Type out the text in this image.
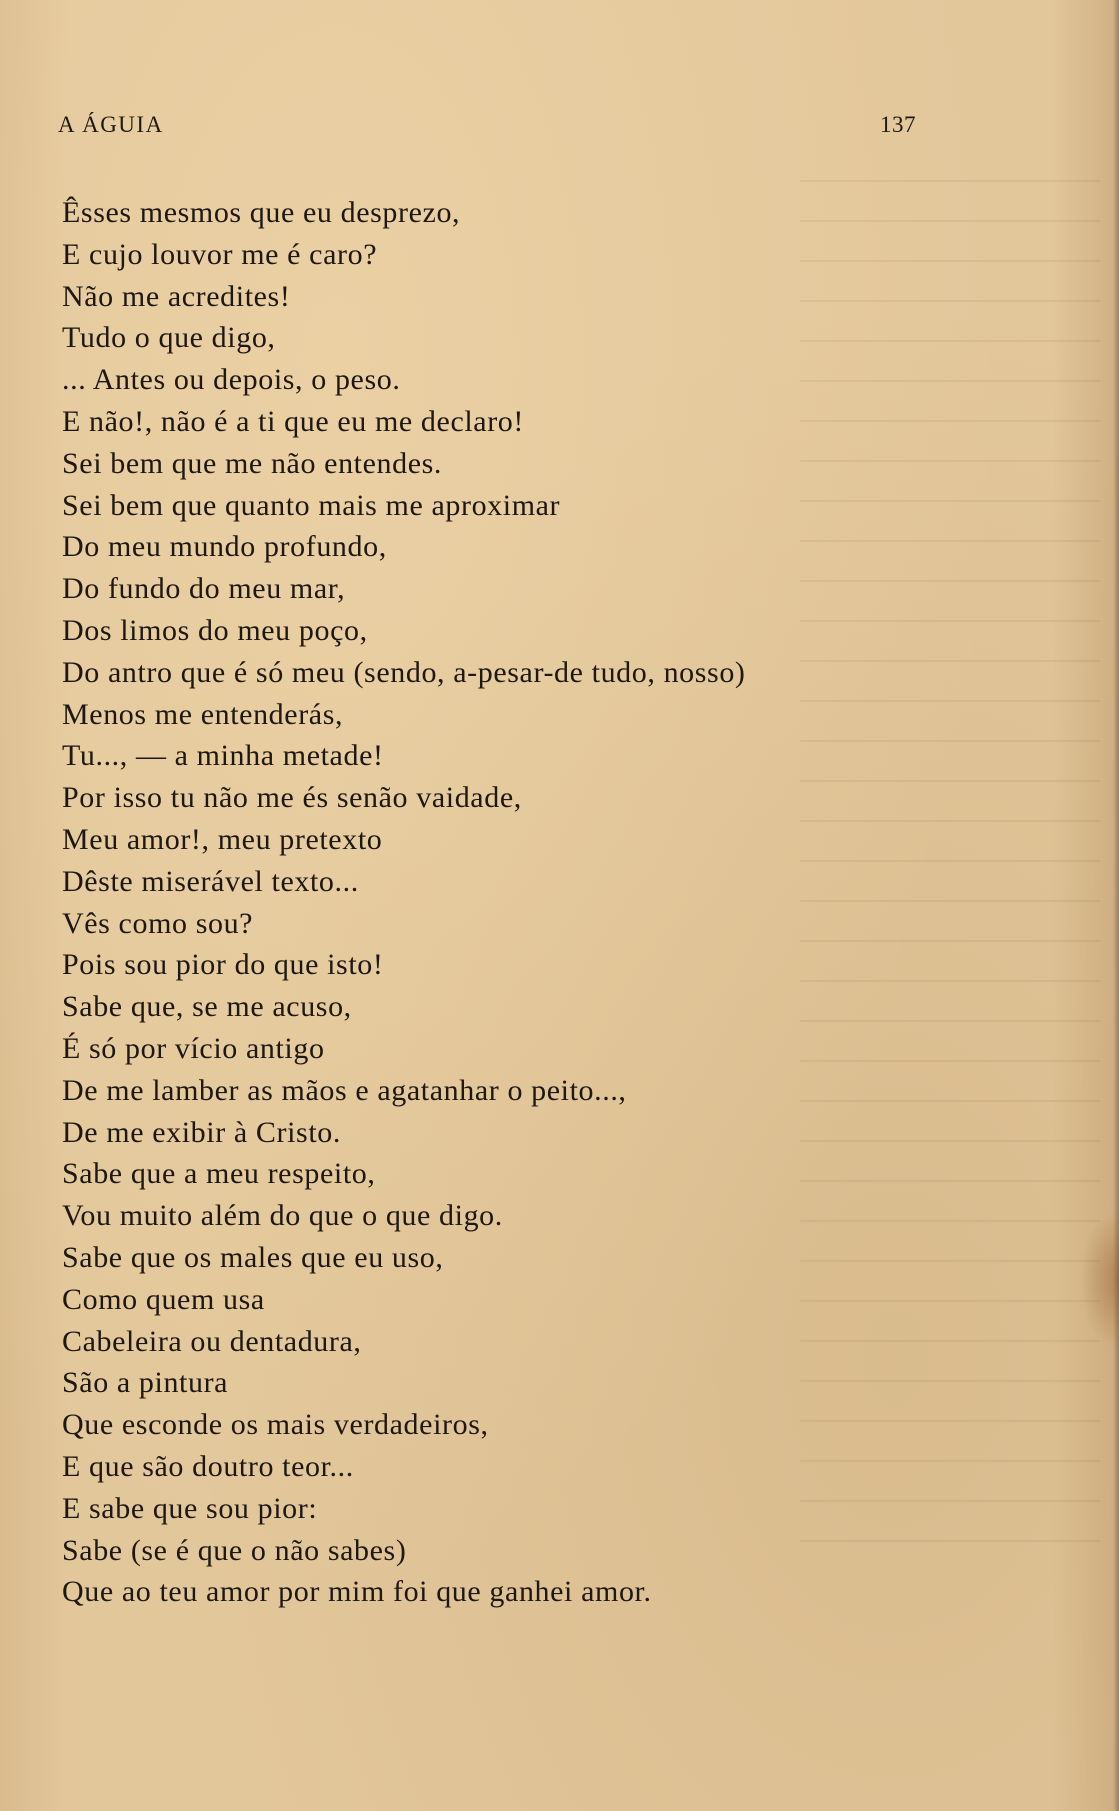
A ÁGUIA	137
Êsses mesmos que eu desprezo,
E cujo louvor me é caro?
Não me acredites!
Tudo o que digo,
... Antes ou depois, o peso.
E não!, não é a ti que eu me declaro!
Sei bem que me não entendes.
Sei bem que quanto mais me aproximar
Do meu mundo profundo,
Do fundo do meu mar,
Dos limos do meu poço,
Do antro que é só meu (sendo, a-pesar-de tudo, nosso)
Menos me entenderás,
Tu..., — a minha metade!
Por isso tu não me és senão vaidade,
Meu amor!, meu pretexto
Dêste miserável texto...
Vês como sou?
Pois sou pior do que isto!
Sabe que, se me acuso,
É só por vício antigo
De me lamber as mãos e agatanhar o peito...,
De me exibir à Cristo.
Sabe que a meu respeito,
Vou muito além do que o que digo.
Sabe que os males que eu uso,
Como quem usa
Cabeleira ou dentadura,
São a pintura
Que esconde os mais verdadeiros,
E que são doutro teor...
E sabe que sou pior:
Sabe (se é que o não sabes)
Que ao teu amor por mim foi que ganhei amor.
